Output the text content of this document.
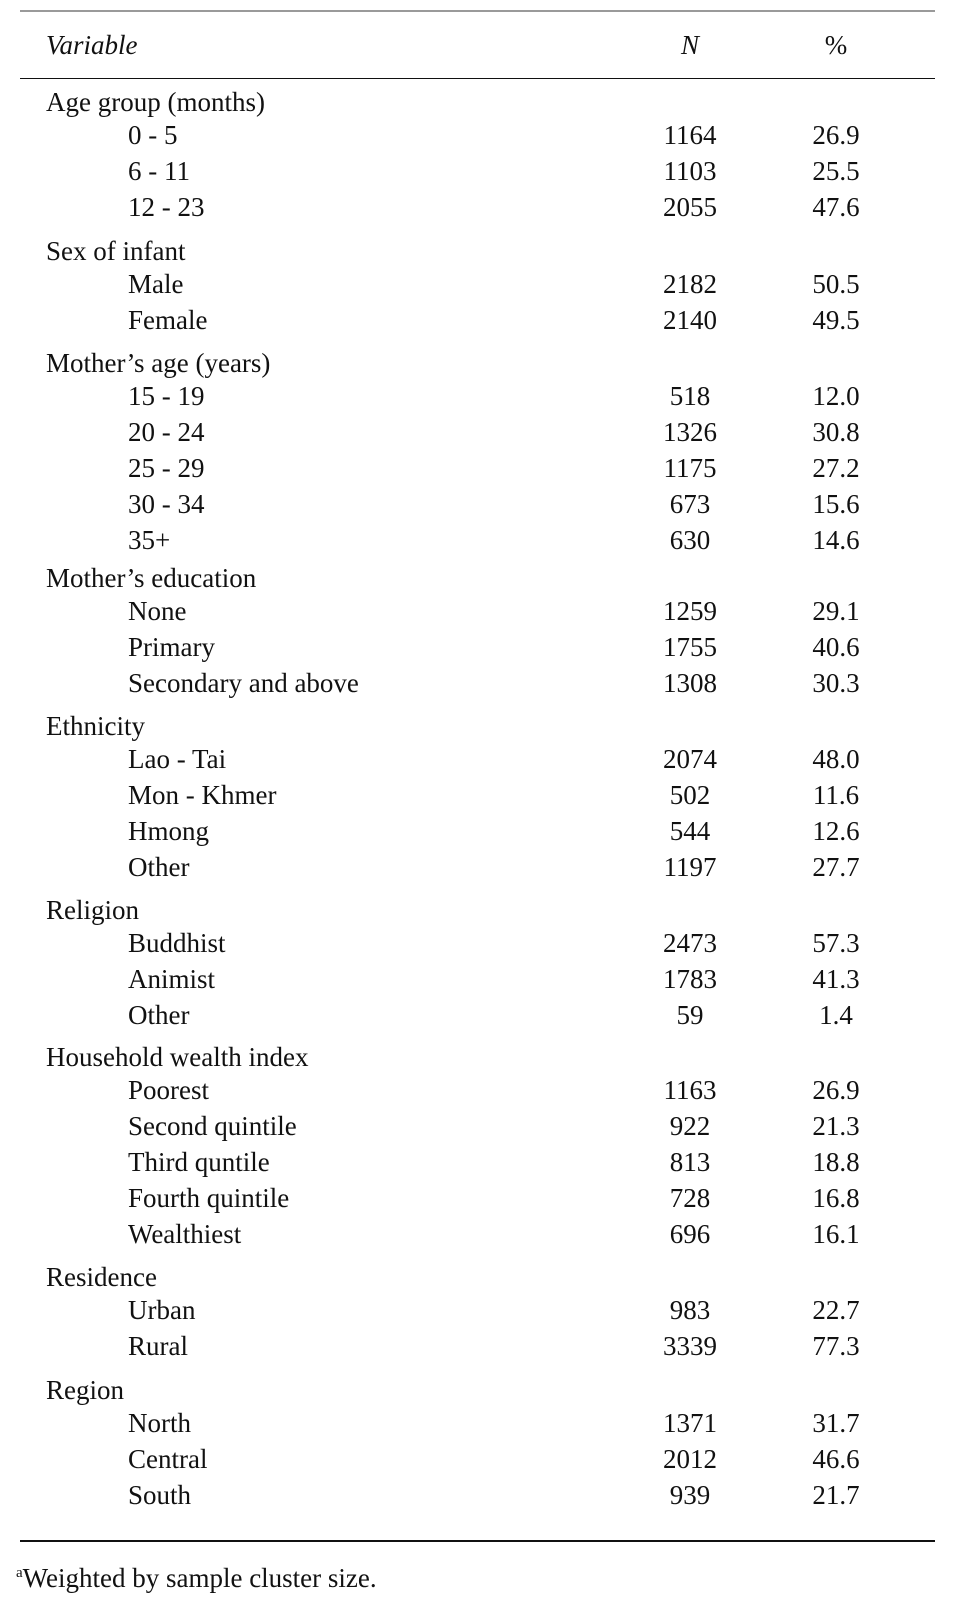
Variable	N	%
Age group (months)
0 - 5	1164	26.9
6 - 11	1103	25.5
12 - 23	2055	47.6
Sex of infant
Male	2182	50.5
Female	2140	49.5
Mother’s age (years)
15 - 19	518	12.0
20 - 24	1326	30.8
25 - 29	1175	27.2
30 - 34	673	15.6
35+	630	14.6
Mother’s education
None	1259	29.1
Primary	1755	40.6
Secondary and above	1308	30.3
Ethnicity
Lao - Tai	2074	48.0
Mon - Khmer	502	11.6
Hmong	544	12.6
Other	1197	27.7
Religion
Buddhist	2473	57.3
Animist	1783	41.3
Other	59	1.4
Household wealth index
Poorest	1163	26.9
Second quintile	922	21.3
Third quntile	813	18.8
Fourth quintile	728	16.8
Wealthiest	696	16.1
Residence
Urban	983	22.7
Rural	3339	77.3
Region
North	1371	31.7
Central	2012	46.6
South	939	21.7
$^a$Weighted by sample cluster size.
